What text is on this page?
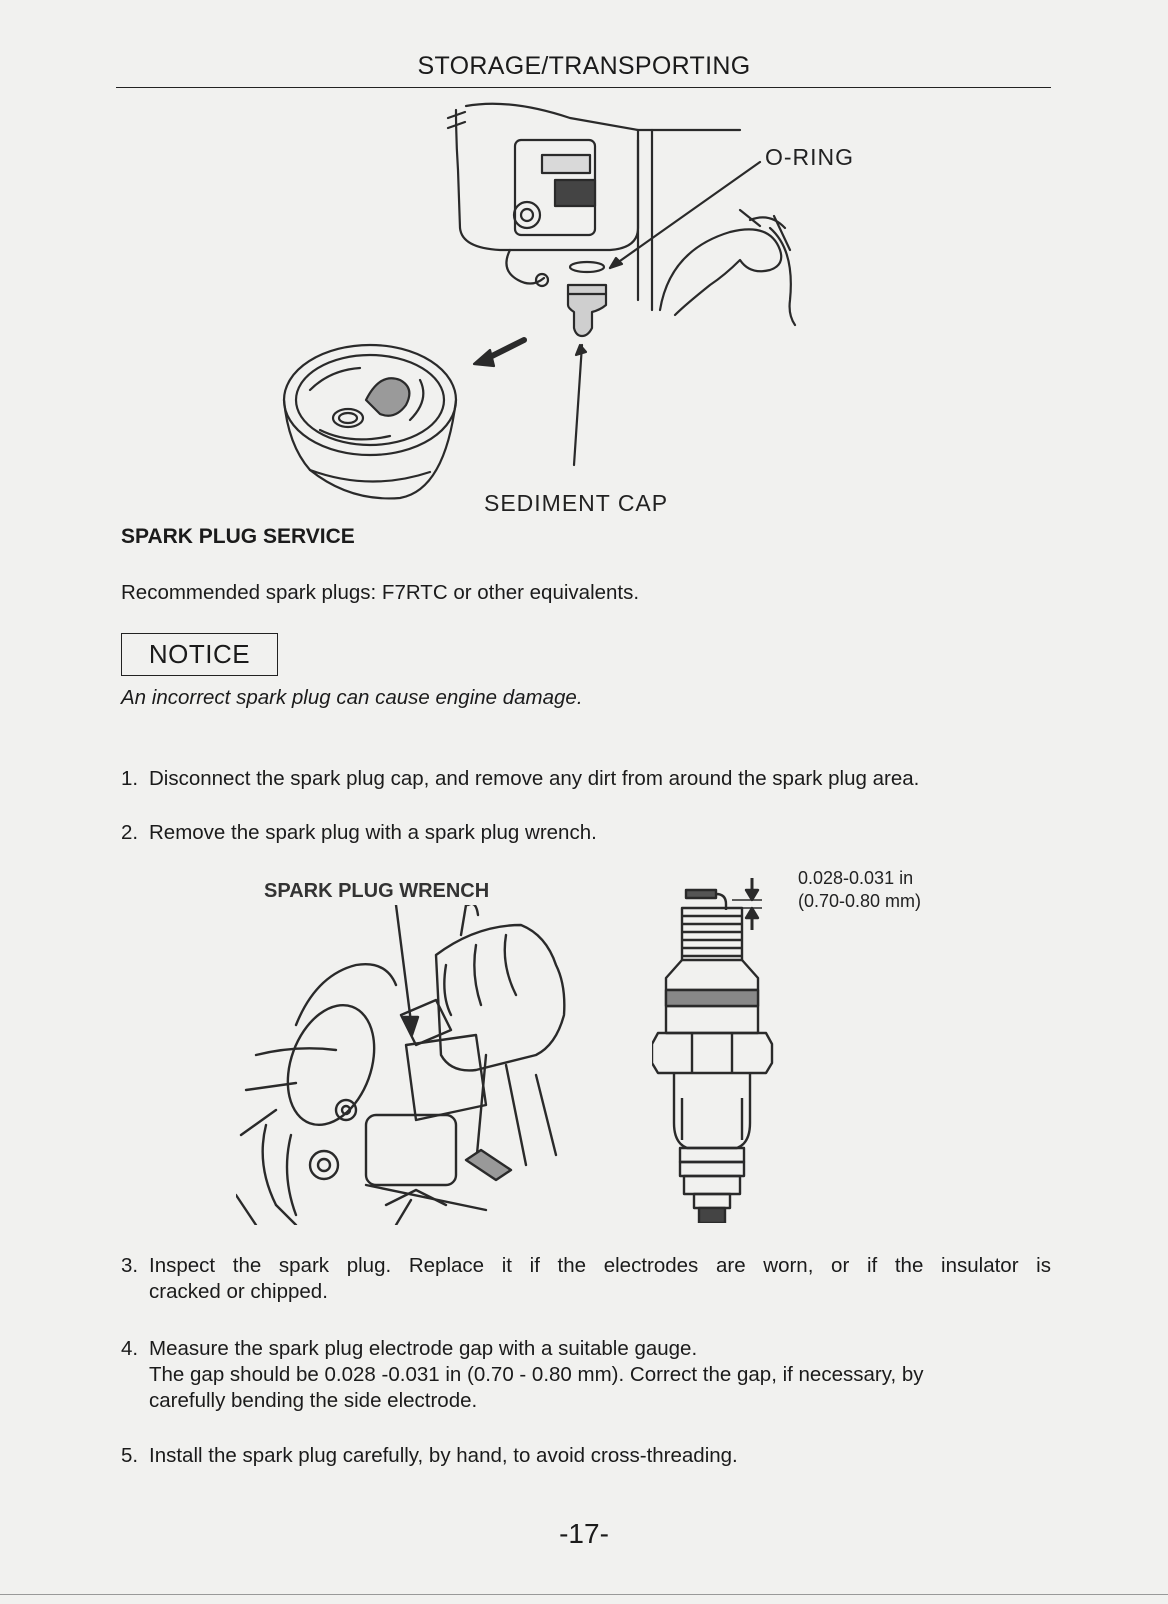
STORAGE/TRANSPORTING
O-RING
SEDIMENT CAP
SPARK PLUG SERVICE
Recommended spark plugs: F7RTC or other equivalents.
NOTICE
An incorrect spark plug can cause engine damage.
1. Disconnect the spark plug cap, and remove any dirt from around the spark plug area.
2. Remove the spark plug with a spark plug wrench.
SPARK PLUG WRENCH
0.028-0.031 in
(0.70-0.80 mm)
3. Inspect the spark plug. Replace it if the electrodes are worn, or if the insulator is
cracked or chipped.
4. Measure the spark plug electrode gap with a suitable gauge.
The gap should be 0.028 -0.031 in (0.70 - 0.80 mm). Correct the gap, if necessary, by
carefully bending the side electrode.
5. Install the spark plug carefully, by hand, to avoid cross-threading.
-17-
